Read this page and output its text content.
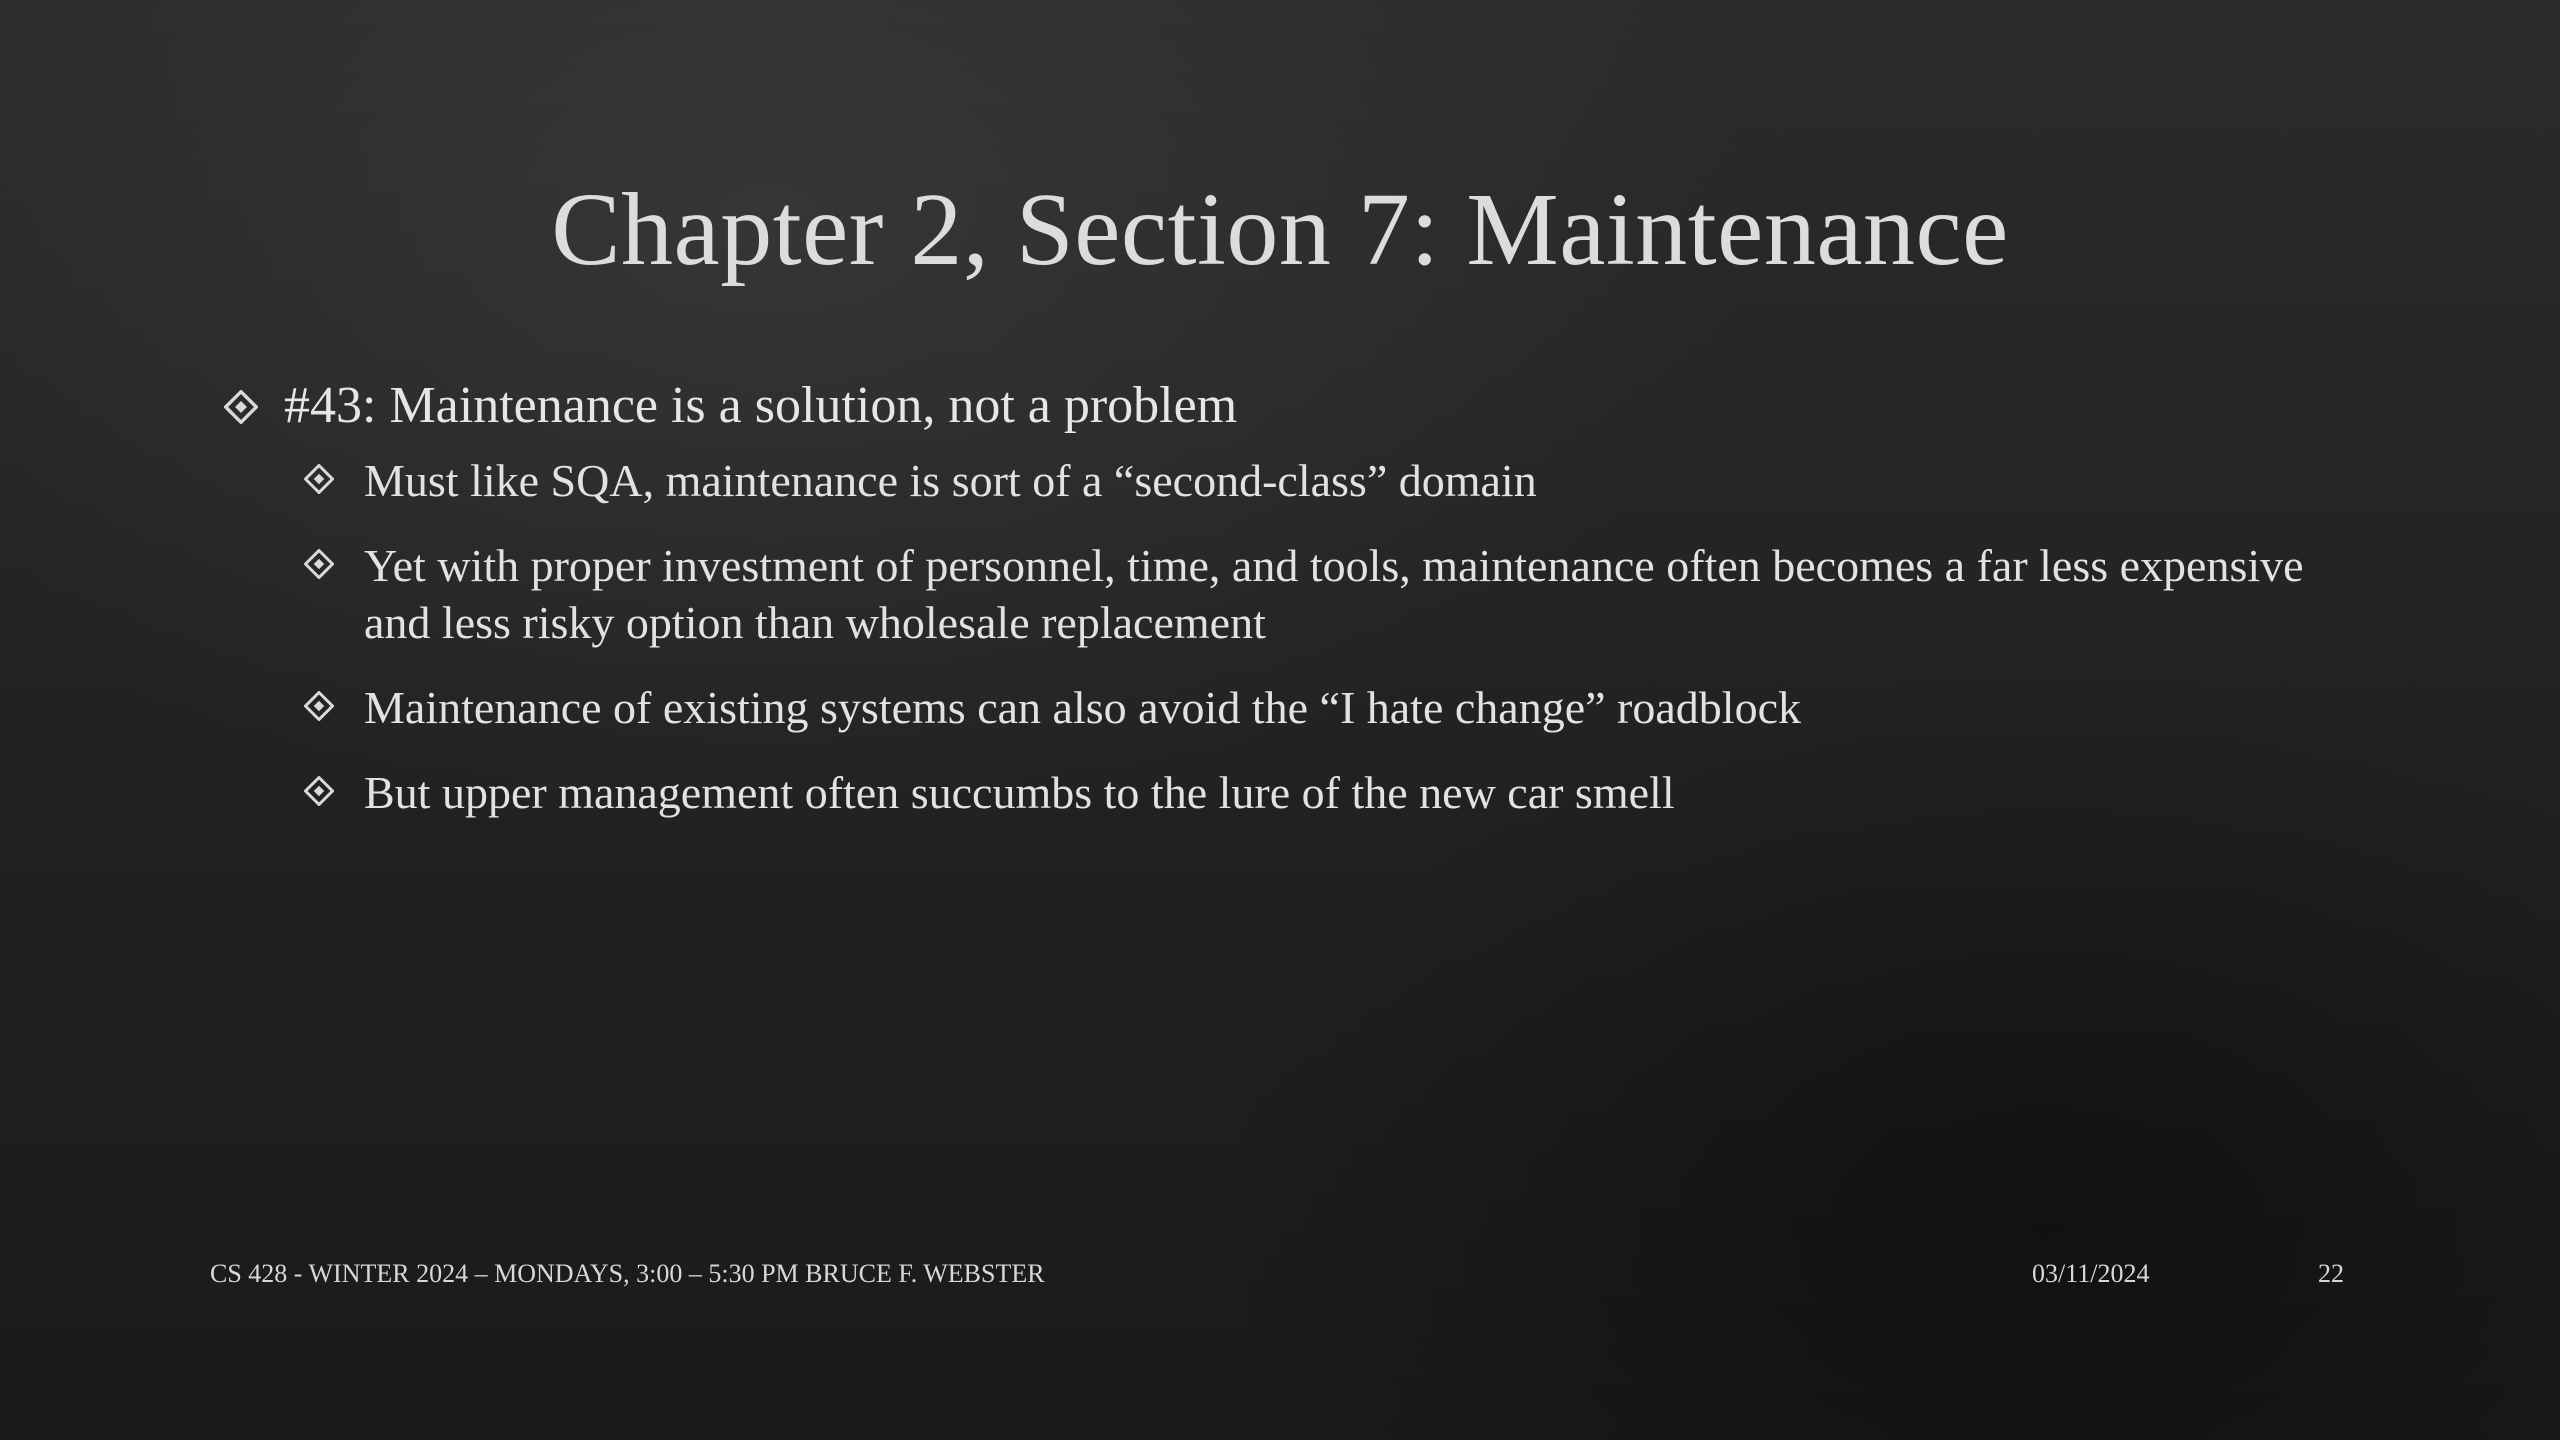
Chapter 2, Section 7: Maintenance
#43: Maintenance is a solution, not a problem
Must like SQA, maintenance is sort of a “second-class” domain
Yet with proper investment of personnel, time, and tools, maintenance often becomes a far less expensive and less risky option than wholesale replacement
Maintenance of existing systems can also avoid the “I hate change” roadblock
But upper management often succumbs to the lure of the new car smell
CS 428 - WINTER 2024 – MONDAYS, 3:00 – 5:30 PM BRUCE F. WEBSTER	03/11/2024	22
